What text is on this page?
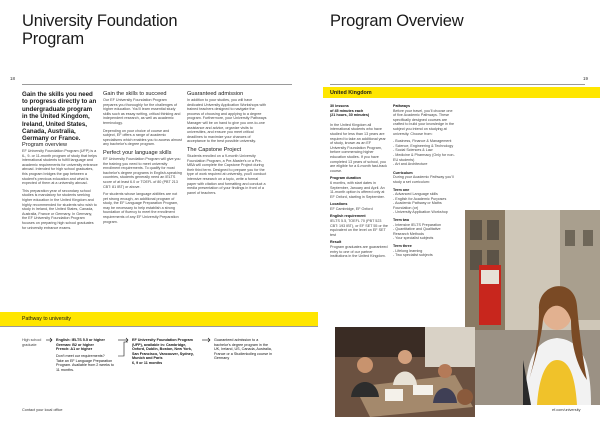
University Foundation Program
18
Gain the skills you need to progress directly to an undergraduate program in the United Kingdom, Ireland, United States, Canada, Australia, Germany or France.
Program overview

EF University Foundation Program (UFP) is a 6-, 9- or 11-month program of study that helps international students to fulfill language and academic requirements for university entrance abroad. Intended for high school graduates, this program bridges the gap between a student's previous education and what is expected of them at a university abroad.

This preparation year of secondary school studies is mandatory for students seeking higher education in the United Kingdom and highly recommended for students who wish to study in Ireland, the United States, Canada, Australia, France or Germany. In Germany, the EF University Foundation Program focuses on preparing high school graduates for university entrance exams.

Gain the skills to succeed

Our EF University Foundation Program prepares you thoroughly for the challenges of higher education. You'll learn essential study skills such as essay writing, critical thinking and independent research, as well as academic terminology.

Depending on your choice of course and subject, EF offers a range of academic specialisms which enables you to access almost any bachelor's degree program.

Perfect your language skills

EF University Foundation Program will give you the training you need to meet university enrollment requirements. To qualify for most bachelor's degree programs in English-speaking countries, students generally need an IELTS score of at least 6.0 or TOEFL of 80 (PBT 213 CBT: 81 IBT) or above.

For students whose language abilities are not yet strong enough, an additional program of study, the EF Language Preparation Program, may be necessary to help establish a strong foundation of fluency to meet the enrollment requirements of any EF University Preparation program.

Guaranteed admission

In addition to your studies, you will have dedicated University Application Workshops with trained teachers designed to navigate the process of choosing and applying to a degree program. Furthermore, your University Pathways Manager will be on hand to give you one-to-one assistance and advice, organize visits to universities, and ensure you meet critical deadlines to maximize your chances of acceptance to the best possible university.

The Capstone Project

Students enrolled on a 9-month University Foundation Program, a Pre-Master's or a Pre-MBA will complete the Capstone Project during their third term. Designed to prepare you for the type of work required at university, you'll conduct intensive research on a topic, write a formal paper with citation and formatting and conduct a media presentation of your findings in front of a panel of teachers.

Pathway to university
High school graduate
English: IELTS 5.5 or higher
German: B2 or higher
French: A1 or higher
Don't meet our requirements?
Take an EF Language Preparation Program. Available from 2 weeks to 11 months.
EF University Foundation Program (UFP), available in: Cambridge, Oxford, Dublin, Boston, New York, San Francisco, Vancouver, Sydney, Munich and Paris
6, 9 or 11 months
Guaranteed admission to a bachelor's degree program in the UK, Ireland, US, Canada, Australia, France or a Studienkolleg course in Germany
Contact your local office
Program Overview
19
United Kingdom
30 lessons
of 45 minutes each
(21 hours, 30 minutes)

In the United Kingdom all international students who have studied for less than 13 years are required to take an additional year of study, known as an EF University Foundation Program, before commencing higher education studies. If you have completed 13 years of school, you are eligible for a 6-month fast-track course.

Program duration

6 months, with start dates in September, January and April. An 11-month option is offered only at EF Oxford, starting in September.

Locations

EF Cambridge, EF Oxford

English requirement

IELTS 5.5, TOEFL 70 (PBT 523 CBT: 193 IBT), or EF SET 55 or the equivalent on the level on EF SET test

Result

Program graduates are guaranteed entry to one of our partner institutions in the United Kingdom.

Pathways

Before your travel, you'll choose one of five Academic Pathways. These specifically designed courses are crafted to build your knowledge in the subject you intend on studying at university. Choose from:

- Business, Finance & Management
- Science, Engineering & Technology
- Social Sciences & Law
- Medicine & Pharmacy (Only for non-EU students)
- Art and Architecture
Curriculum

During your Academic Pathway you'll study a set curriculum:

Term one
- Advanced Language skills
- English for Academic Purposes
- Academic Pathway or Maths Foundation (or)
- University Application Workshop
Term two
- Intensive IELTS Preparation
- Quantitative and Qualitative Research Methods
- Your specialist subjects
Term three
- Lifelong learning
- Two specialist subjects
ef.com/university
